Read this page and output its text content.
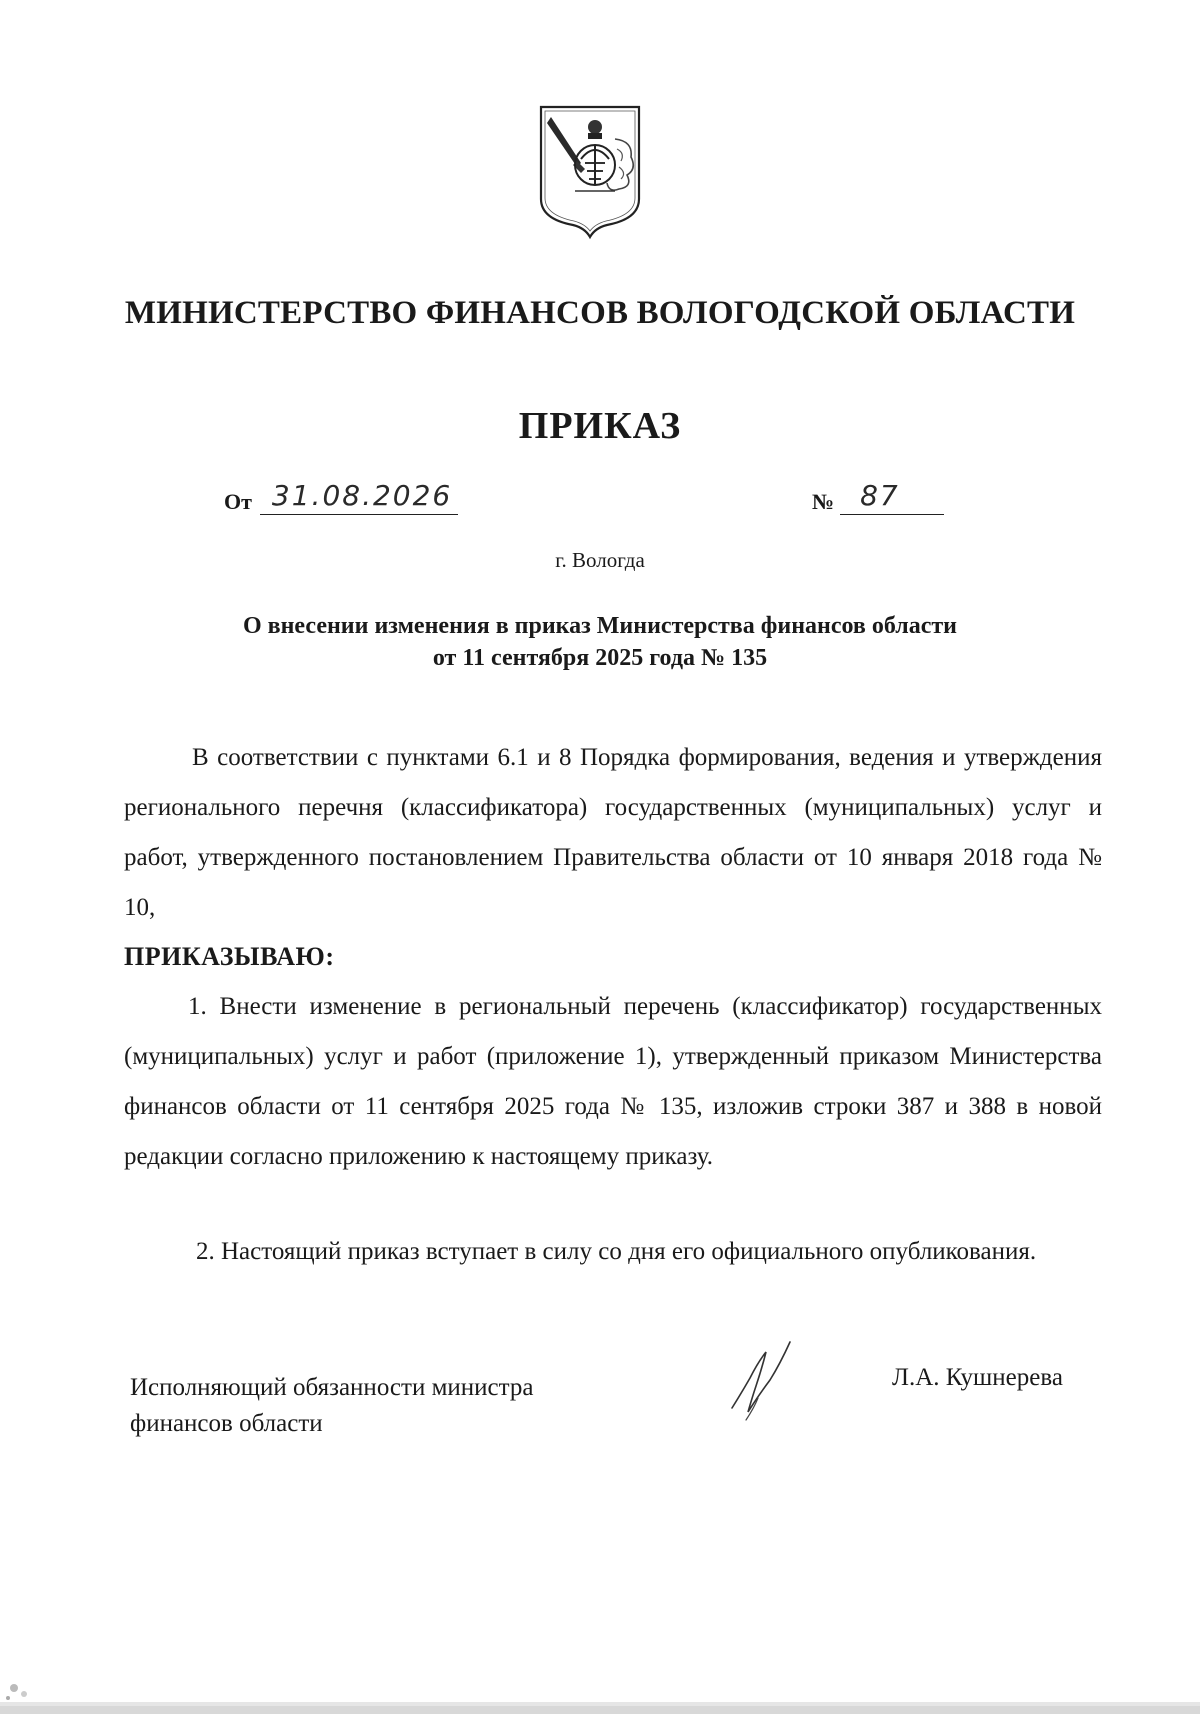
МИНИСТЕРСТВО ФИНАНСОВ ВОЛОГОДСКОЙ ОБЛАСТИ
ПРИКАЗ
От 31.08.2026	№ 87
г. Вологда
О внесении изменения в приказ Министерства финансов области
от 11 сентября 2025 года № 135
В соответствии с пунктами 6.1 и 8 Порядка формирования, ведения и утверждения регионального перечня (классификатора) государственных (муниципальных) услуг и работ, утвержденного постановлением Правительства области от 10 января 2018 года № 10,
ПРИКАЗЫВАЮ:
1. Внести изменение в региональный перечень (классификатор) государственных (муниципальных) услуг и работ (приложение 1), утвержденный приказом Министерства финансов области от 11 сентября 2025 года № 135, изложив строки 387 и 388 в новой редакции согласно приложению к настоящему приказу.
2. Настоящий приказ вступает в силу со дня его официального опубликования.
Исполняющий обязанности министра
финансов области
Л.А. Кушнерева
